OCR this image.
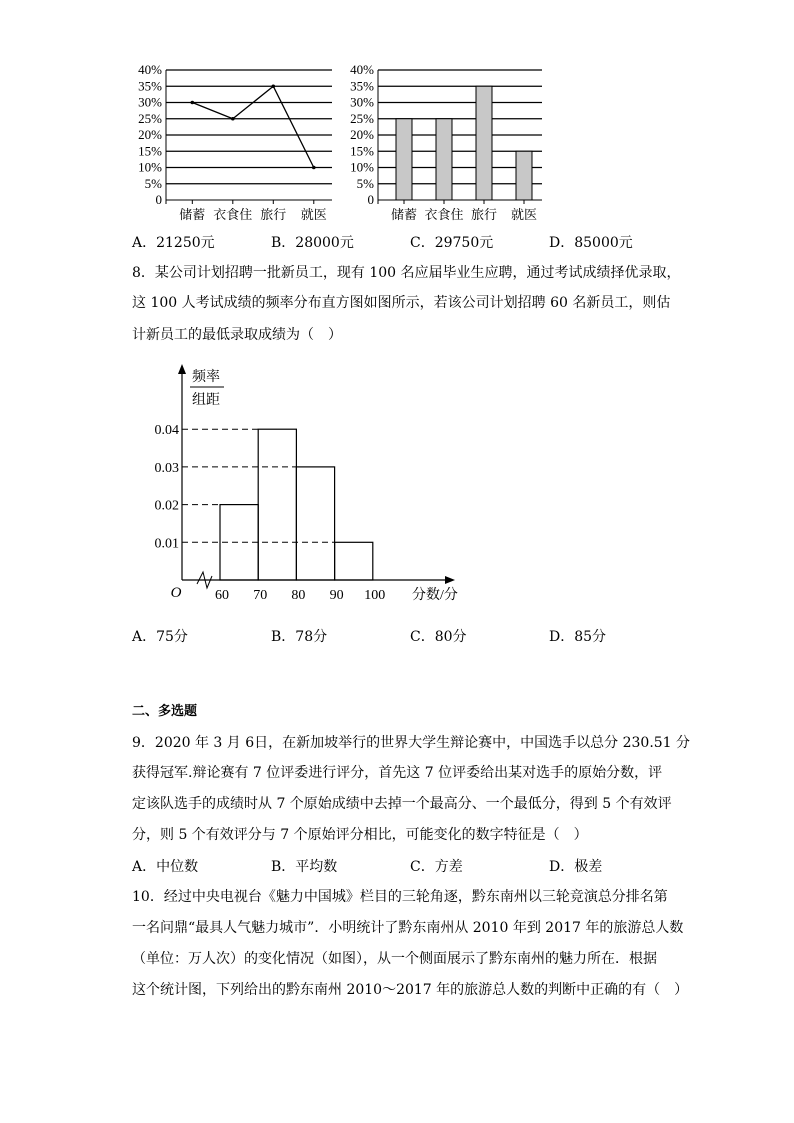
0
5%
10%
15%
20%
25%
30%
35%
40%
储蓄 衣食住 旅行 就医
0
5%
10%
15%
20%
25%
30%
35%
40%
储蓄 衣食住 旅行 就医
频率
组距
O
0.01
0.02
0.03
0.04
60 70 80 90 100 分数/分
A．21250元	B．28000元	C．29750元	D．85000元
8．某公司计划招聘一批新员工，现有 100 名应届毕业生应聘，通过考试成绩择优录取，
这 100 人考试成绩的频率分布直方图如图所示，若该公司计划招聘 60 名新员工，则估
计新员工的最低录取成绩为（　）
A．75分	B．78分	C．80分	D．85分
二、多选题
9．2020 年 3 月 6日，在新加坡举行的世界大学生辩论赛中，中国选手以总分 230.51 分
获得冠军.辩论赛有 7 位评委进行评分，首先这 7 位评委给出某对选手的原始分数，评
定该队选手的成绩时从 7 个原始成绩中去掉一个最高分、一个最低分，得到 5 个有效评
分，则 5 个有效评分与 7 个原始评分相比，可能变化的数字特征是（　）
A．中位数	B．平均数	C．方差	D．极差
10．经过中央电视台《魅力中国城》栏目的三轮角逐，黔东南州以三轮竞演总分排名第
一名问鼎“最具人气魅力城市”．小明统计了黔东南州从 2010 年到 2017 年的旅游总人数
（单位：万人次）的变化情况（如图），从一个侧面展示了黔东南州的魅力所在．根据
这个统计图，下列给出的黔东南州 2010～2017 年的旅游总人数的判断中正确的有（　）
